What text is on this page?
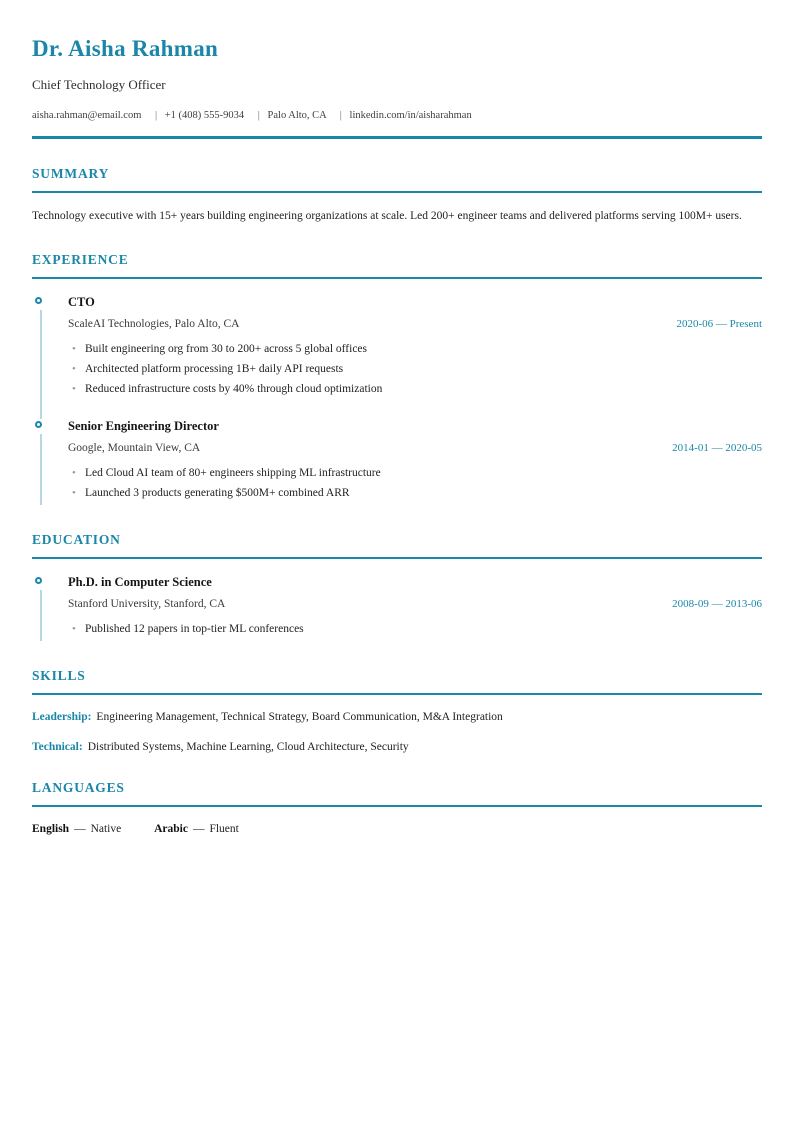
Dr. Aisha Rahman
Chief Technology Officer
aisha.rahman@email.com | +1 (408) 555-9034 | Palo Alto, CA | linkedin.com/in/aisharahman
SUMMARY

Technology executive with 15+ years building engineering organizations at scale. Led 200+ engineer teams and delivered platforms serving 100M+ users.

EXPERIENCE
CTO
ScaleAI Technologies, Palo Alto, CA	2020-06 — Present
• Built engineering org from 30 to 200+ across 5 global offices
• Architected platform processing 1B+ daily API requests
• Reduced infrastructure costs by 40% through cloud optimization
Senior Engineering Director
Google, Mountain View, CA	2014-01 — 2020-05
• Led Cloud AI team of 80+ engineers shipping ML infrastructure
• Launched 3 products generating $500M+ combined ARR
EDUCATION
Ph.D. in Computer Science
Stanford University, Stanford, CA	2008-09 — 2013-06
• Published 12 papers in top-tier ML conferences
SKILLS

Leadership: Engineering Management, Technical Strategy, Board Communication, M&A Integration

Technical: Distributed Systems, Machine Learning, Cloud Architecture, Security

LANGUAGES
English — Native	Arabic — Fluent
